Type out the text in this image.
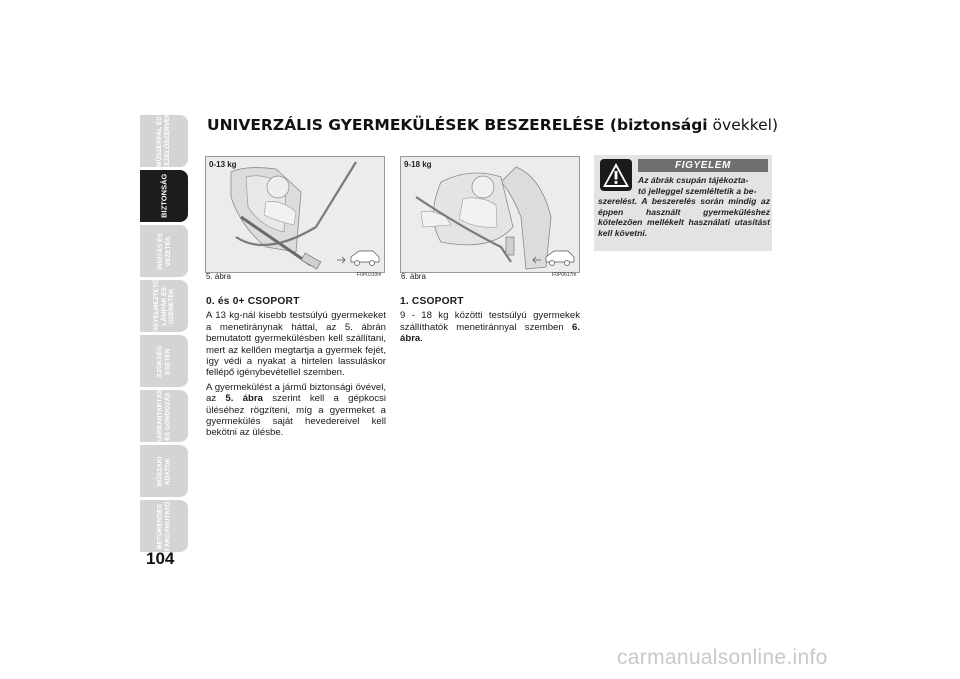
MŰSZERFAL ÉS
KEZELŐSZERVEK
BIZTONSÁG
INDÍTÁS ÉS
VEZETÉS
FIGYELMEZTETŐ
LÁMPÁK ÉS
ÜZENETEK
SZÜKSÉG
ESETÉN
KARBANTARTÁS
ÉS GONDOZÁS
MŰSZAKI
ADATOK
BETŰRENDES
TÁRGYMUTATÓ
104
UNIVERZÁLIS GYERMEKÜLÉSEK BESZERELÉSE (biztonsági övekkel)
0-13 kg
5. ábra	F0P0310m
9-18 kg
6. ábra	F0P0617m
0. és 0+ CSOPORT

A 13 kg-nál kisebb testsúlyú gyermekeket a menetiránynak háttal, az 5. ábrán bemutatott gyermekülésben kell szállítani, mert az kellően megtartja a gyermek fejét, így védi a nyakat a hirtelen lassuláskor fellépő igénybevétellel szemben.

A gyermekülést a jármű biztonsági övével, az 5. ábra szerint kell a gépkocsi üléséhez rögzíteni, míg a gyermeket a gyermekülés saját hevedereivel kell bekötni az ülésbe.

1. CSOPORT

9 - 18 kg közötti testsúlyú gyermekek szállíthatók menetiránnyal szemben 6. ábra.

FIGYELEM
Az ábrák csupán tájékozta-
tó jelleggel szemléltetik a be-
szerelést. A beszerelés során mindig az éppen használt gyermeküléshez kötelezően mellékelt használati utasítást kell követni.
carmanualsonline.info
